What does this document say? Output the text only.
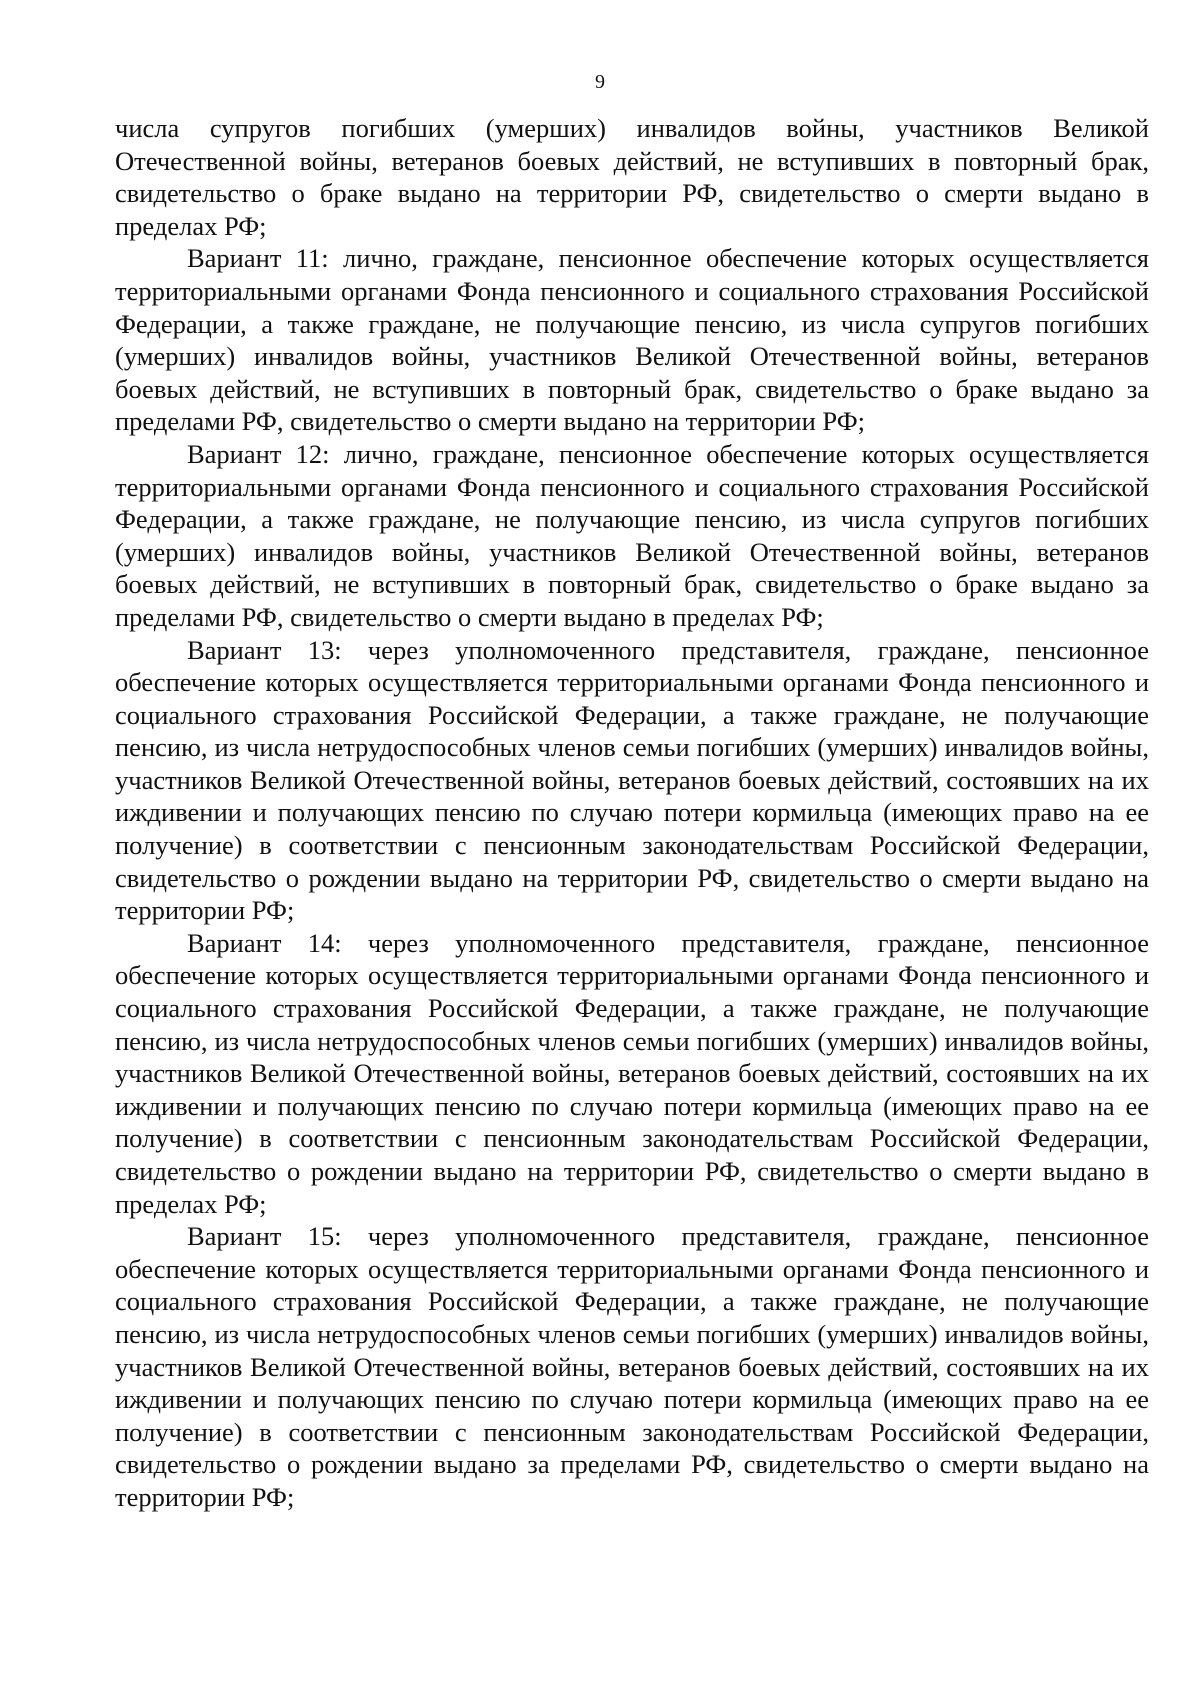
9

числа супругов погибших (умерших) инвалидов войны, участников Великой Отечественной войны, ветеранов боевых действий, не вступивших в повторный брак, свидетельство о браке выдано на территории РФ, свидетельство о смерти выдано в пределах РФ;

Вариант 11: лично, граждане, пенсионное обеспечение которых осуществляется территориальными органами Фонда пенсионного и социального страхования Российской Федерации, а также граждане, не получающие пенсию, из числа супругов погибших (умерших) инвалидов войны, участников Великой Отечественной войны, ветеранов боевых действий, не вступивших в повторный брак, свидетельство о браке выдано за пределами РФ, свидетельство о смерти выдано на территории РФ;

Вариант 12: лично, граждане, пенсионное обеспечение которых осуществляется территориальными органами Фонда пенсионного и социального страхования Российской Федерации, а также граждане, не получающие пенсию, из числа супругов погибших (умерших) инвалидов войны, участников Великой Отечественной войны, ветеранов боевых действий, не вступивших в повторный брак, свидетельство о браке выдано за пределами РФ, свидетельство о смерти выдано в пределах РФ;

Вариант 13: через уполномоченного представителя, граждане, пенсионное обеспечение которых осуществляется территориальными органами Фонда пенсионного и социального страхования Российской Федерации, а также граждане, не получающие пенсию, из числа нетрудоспособных членов семьи погибших (умерших) инвалидов войны, участников Великой Отечественной войны, ветеранов боевых действий, состоявших на их иждивении и получающих пенсию по случаю потери кормильца (имеющих право на ее получение) в соответствии с пенсионным законодательствам Российской Федерации, свидетельство о рождении выдано на территории РФ, свидетельство о смерти выдано на территории РФ;

Вариант 14: через уполномоченного представителя, граждане, пенсионное обеспечение которых осуществляется территориальными органами Фонда пенсионного и социального страхования Российской Федерации, а также граждане, не получающие пенсию, из числа нетрудоспособных членов семьи погибших (умерших) инвалидов войны, участников Великой Отечественной войны, ветеранов боевых действий, состоявших на их иждивении и получающих пенсию по случаю потери кормильца (имеющих право на ее получение) в соответствии с пенсионным законодательствам Российской Федерации, свидетельство о рождении выдано на территории РФ, свидетельство о смерти выдано в пределах РФ;

Вариант 15: через уполномоченного представителя, граждане, пенсионное обеспечение которых осуществляется территориальными органами Фонда пенсионного и социального страхования Российской Федерации, а также граждане, не получающие пенсию, из числа нетрудоспособных членов семьи погибших (умерших) инвалидов войны, участников Великой Отечественной войны, ветеранов боевых действий, состоявших на их иждивении и получающих пенсию по случаю потери кормильца (имеющих право на ее получение) в соответствии с пенсионным законодательствам Российской Федерации, свидетельство о рождении выдано за пределами РФ, свидетельство о смерти выдано на территории РФ;
